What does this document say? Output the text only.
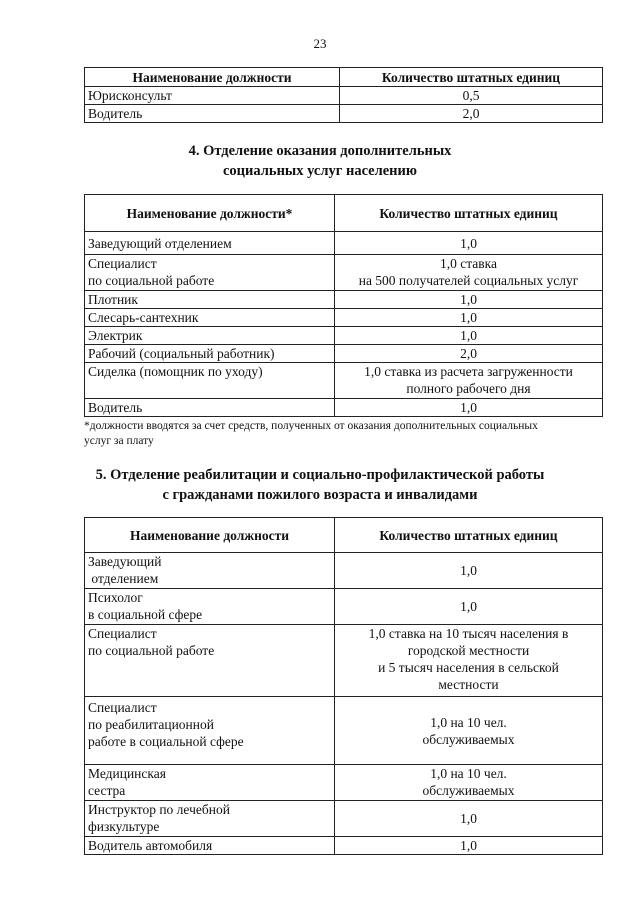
23
Наименование должности	Количество штатных единиц
Юрисконсульт	0,5
Водитель	2,0
4. Отделение оказания дополнительных
социальных услуг населению
Наименование должности*	Количество штатных единиц

Заведующий отделением	1,0

Специалист
по социальной работе	1,0 ставка
на 500 получателей социальных услуг

Плотник	1,0
Слесарь-сантехник	1,0
Электрик	1,0
Рабочий (социальный работник)	2,0

Сиделка (помощник по уходу)	1,0 ставка из расчета загруженности
полного рабочего дня

Водитель	1,0
*должности вводятся за счет средств, полученных от оказания дополнительных социальных
услуг за плату
5. Отделение реабилитации и социально-профилактической работы
с гражданами пожилого возраста и инвалидами
Наименование должности	Количество штатных единиц

Заведующий
отделением	1,0

Психолог
в социальной сфере	1,0

Специалист
по социальной работе	1,0 ставка на 10 тысяч населения в
городской местности
и 5 тысяч населения в сельской
местности

Специалист
по реабилитационной
работе в социальной сфере	1,0 на 10 чел.
обслуживаемых

Медицинская
сестра	1,0 на 10 чел.
обслуживаемых

Инструктор по лечебной
физкультуре	1,0
Водитель автомобиля	1,0
